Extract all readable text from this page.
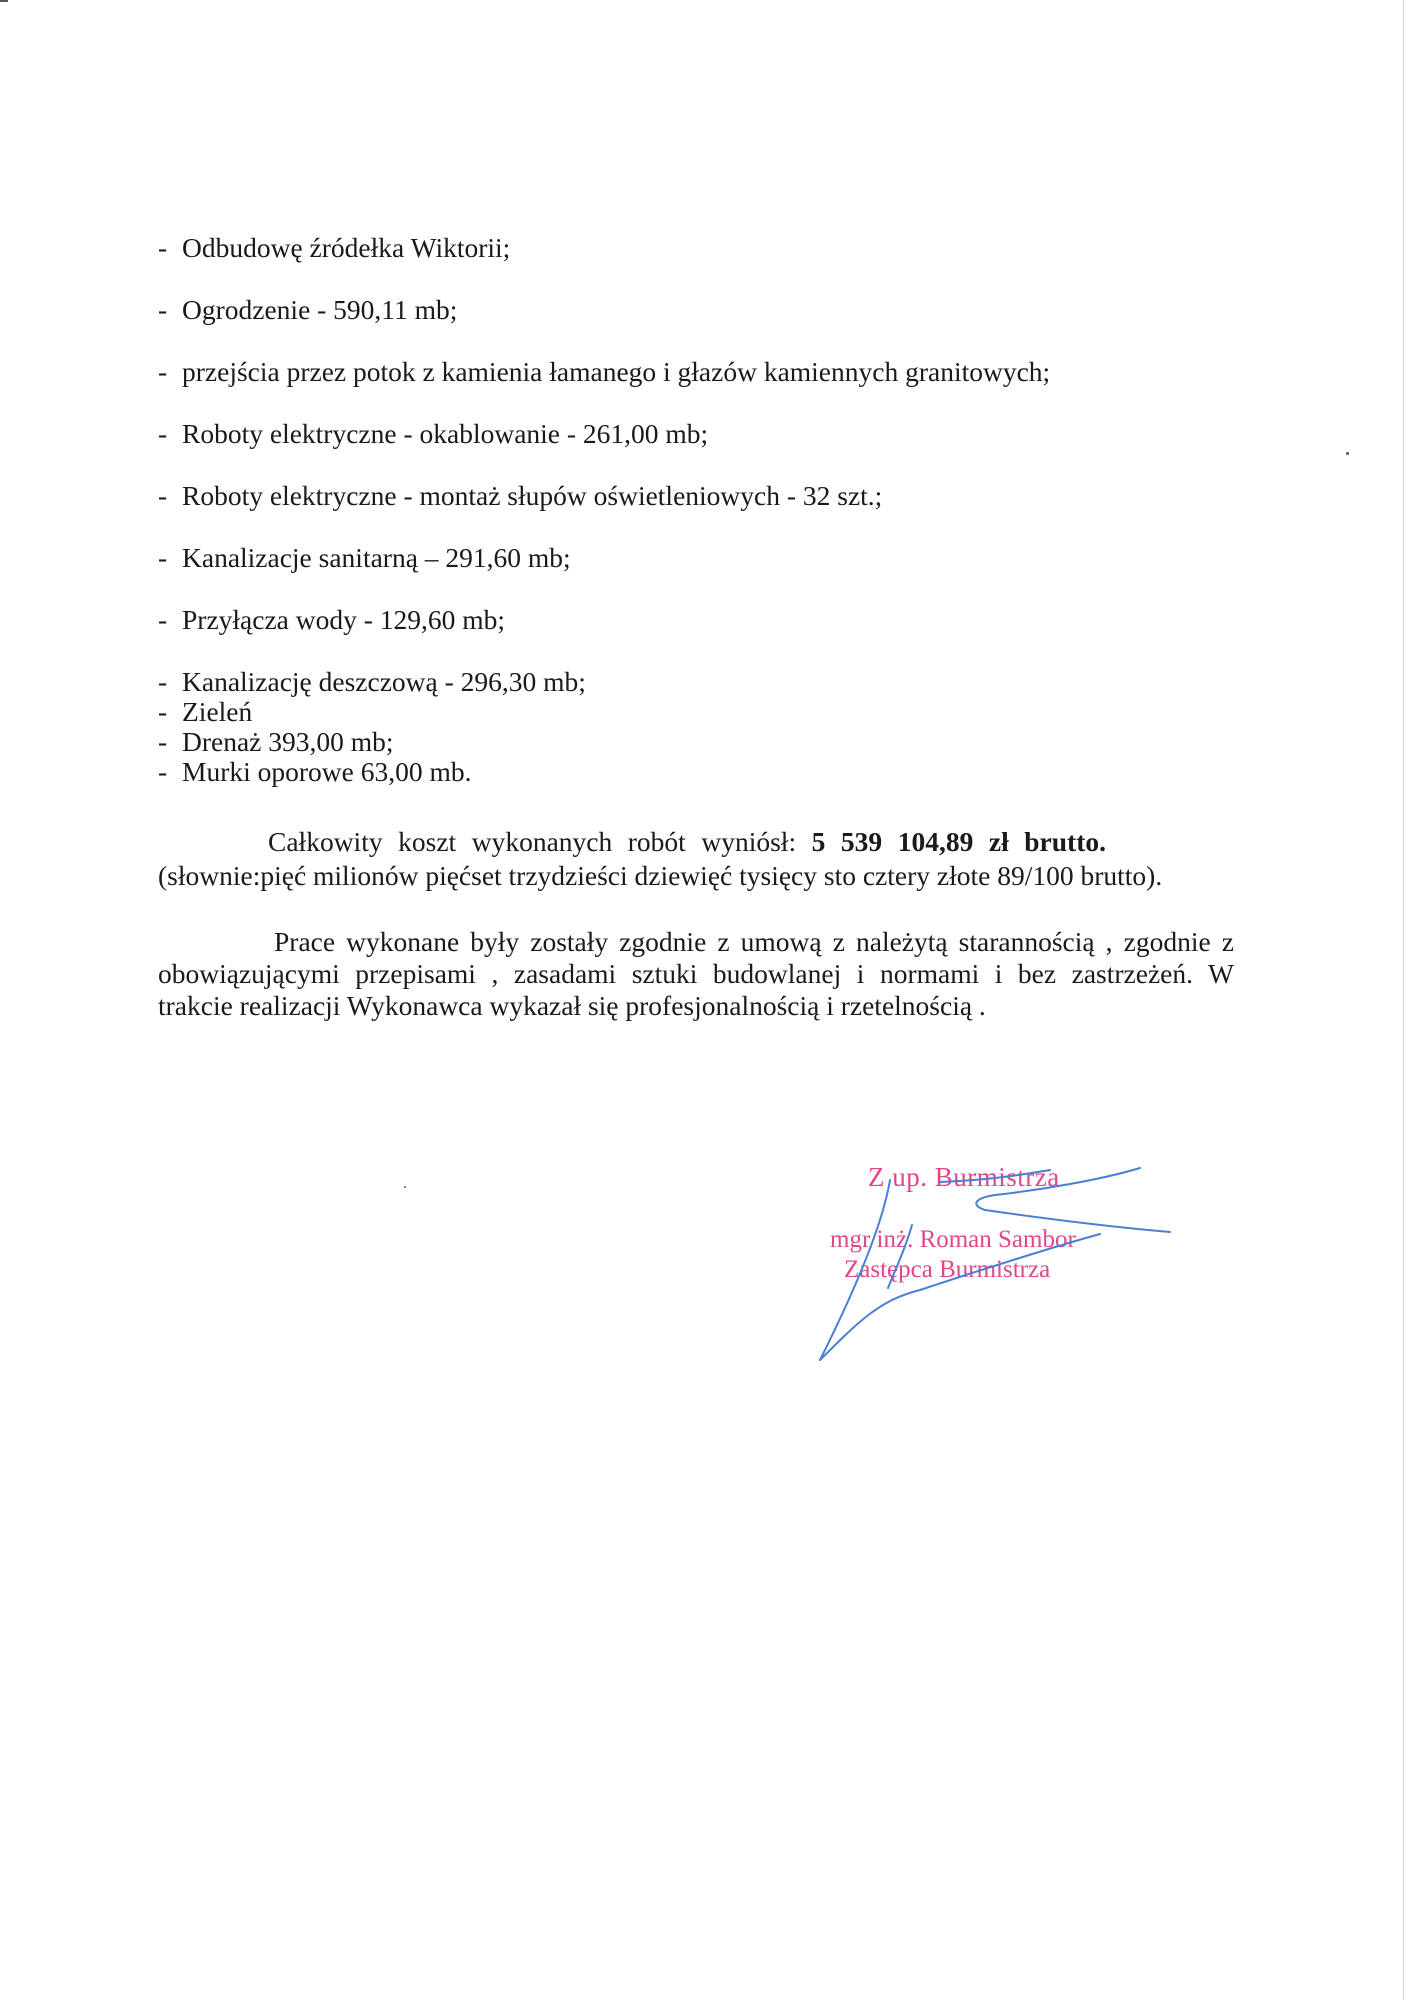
- Odbudowę źródełka Wiktorii;
- Ogrodzenie - 590,11 mb;
- przejścia przez potok z kamienia łamanego i głazów kamiennych granitowych;
- Roboty elektryczne - okablowanie - 261,00 mb;
- Roboty elektryczne - montaż słupów oświetleniowych - 32 szt.;
- Kanalizacje sanitarną – 291,60 mb;
- Przyłącza wody - 129,60 mb;
- Kanalizację deszczową - 296,30 mb;
- Zieleń
- Drenaż 393,00 mb;
- Murki oporowe 63,00 mb.
Całkowity koszt wykonanych robót wyniósł: 5 539 104,89 zł brutto.
(słownie:pięć milionów pięćset trzydzieści dziewięć tysięcy sto cztery złote 89/100 brutto).
Prace wykonane były zostały zgodnie z umową z należytą starannością , zgodnie z
obowiązującymi przepisami , zasadami sztuki budowlanej i normami i bez zastrzeżeń. W
trakcie realizacji Wykonawca wykazał się profesjonalnością i rzetelnością .
Z up. Burmistrza
mgr inż. Roman Sambor
Zastępca Burmistrza
